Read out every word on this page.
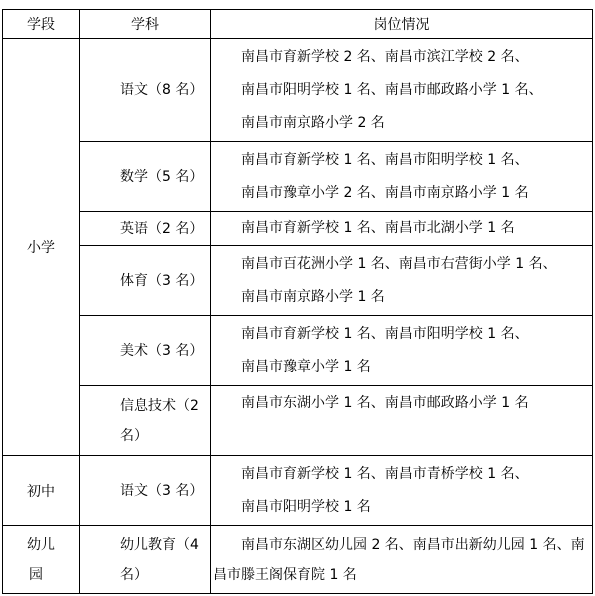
学段	学科	岗位情况
小学	语文（8 名）	南昌市育新学校 2 名、南昌市滨江学校 2 名、
南昌市阳明学校 1 名、南昌市邮政路小学 1 名、
南昌市南京路小学 2 名

	数学（5 名）	南昌市育新学校 1 名、南昌市阳明学校 1 名、
南昌市豫章小学 2 名、南昌市南京路小学 1 名

	英语（2 名）	南昌市育新学校 1 名、南昌市北湖小学 1 名

	体育（3 名）	南昌市百花洲小学 1 名、南昌市右营街小学 1 名、
南昌市南京路小学 1 名

	美术（3 名）	南昌市育新学校 1 名、南昌市阳明学校 1 名、
南昌市豫章小学 1 名

	信息技术（2
名）	南昌市东湖小学 1 名、南昌市邮政路小学 1 名

初中	语文（3 名）	南昌市育新学校 1 名、南昌市青桥学校 1 名、
南昌市阳明学校 1 名

幼儿
园	幼儿教育（4
名）	南昌市东湖区幼儿园 2 名、南昌市出新幼儿园 1 名、南
昌市滕王阁保育院 1 名
